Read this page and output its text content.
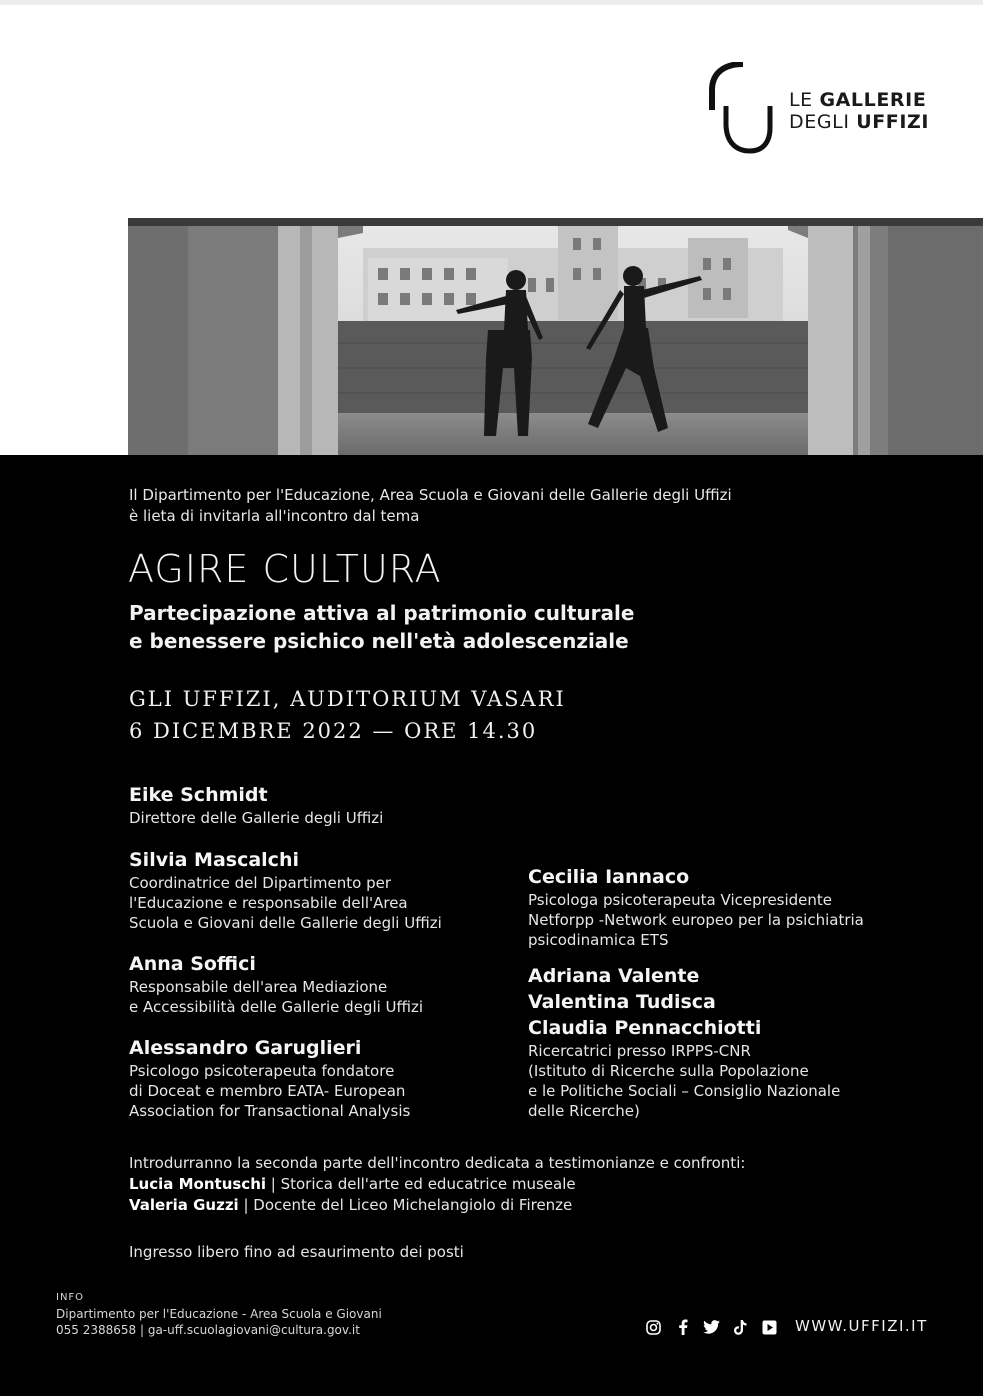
LE GALLERIE
DEGLI UFFIZI
Il Dipartimento per l'Educazione, Area Scuola e Giovani delle Gallerie degli Uffizi
è lieta di invitarla all'incontro dal tema
AGIRE CULTURA
Partecipazione attiva al patrimonio culturale
e benessere psichico nell'età adolescenziale
GLI UFFIZI, AUDITORIUM VASARI
6 DICEMBRE 2022 — ORE 14.30
Eike Schmidt
Direttore delle Gallerie degli Uffizi
Silvia Mascalchi
Coordinatrice del Dipartimento per
l'Educazione e responsabile dell'Area
Scuola e Giovani delle Gallerie degli Uffizi
Anna Soffici
Responsabile dell'area Mediazione
e Accessibilità delle Gallerie degli Uffizi
Alessandro Garuglieri
Psicologo psicoterapeuta fondatore
di Doceat e membro EATA- European
Association for Transactional Analysis
Cecilia Iannaco
Psicologa psicoterapeuta Vicepresidente
Netforpp -Network europeo per la psichiatria
psicodinamica ETS
Adriana Valente
Valentina Tudisca
Claudia Pennacchiotti
Ricercatrici presso IRPPS-CNR
(Istituto di Ricerche sulla Popolazione
e le Politiche Sociali – Consiglio Nazionale
delle Ricerche)
Introdurranno la seconda parte dell'incontro dedicata a testimonianze e confronti:
Lucia Montuschi | Storica dell'arte ed educatrice museale
Valeria Guzzi | Docente del Liceo Michelangiolo di Firenze
Ingresso libero fino ad esaurimento dei posti
INFO
Dipartimento per l'Educazione - Area Scuola e Giovani
055 2388658 | ga-uff.scuolagiovani@cultura.gov.it	WWW.UFFIZI.IT
